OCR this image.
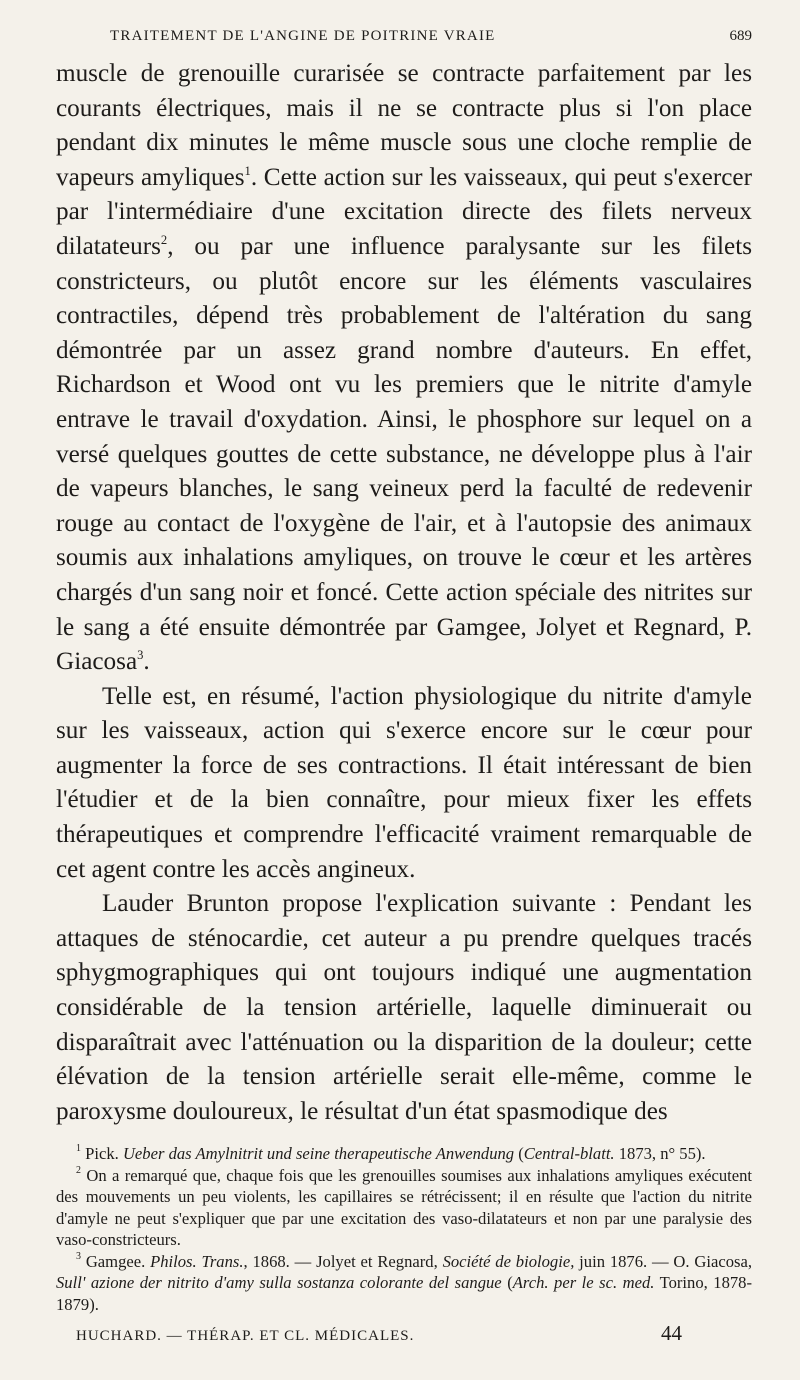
TRAITEMENT DE L'ANGINE DE POITRINE VRAIE	689

muscle de grenouille curarisée se contracte parfaitement par les courants électriques, mais il ne se contracte plus si l'on place pendant dix minutes le même muscle sous une cloche remplie de vapeurs amyliques$^1$. Cette action sur les vaisseaux, qui peut s'exercer par l'intermédiaire d'une excitation directe des filets nerveux dilatateurs$^2$, ou par une influence paralysante sur les filets constricteurs, ou plutôt encore sur les éléments vasculaires contractiles, dépend très probablement de l'altération du sang démontrée par un assez grand nombre d'auteurs. En effet, Richardson et Wood ont vu les premiers que le nitrite d'amyle entrave le travail d'oxydation. Ainsi, le phosphore sur lequel on a versé quelques gouttes de cette substance, ne développe plus à l'air de vapeurs blanches, le sang veineux perd la faculté de redevenir rouge au contact de l'oxygène de l'air, et à l'autopsie des animaux soumis aux inhalations amyliques, on trouve le cœur et les artères chargés d'un sang noir et foncé. Cette action spéciale des nitrites sur le sang a été ensuite démontrée par Gamgee, Jolyet et Regnard, P. Giacosa$^3$.

Telle est, en résumé, l'action physiologique du nitrite d'amyle sur les vaisseaux, action qui s'exerce encore sur le cœur pour augmenter la force de ses contractions. Il était intéressant de bien l'étudier et de la bien connaître, pour mieux fixer les effets thérapeutiques et comprendre l'efficacité vraiment remarquable de cet agent contre les accès angineux.

Lauder Brunton propose l'explication suivante : Pendant les attaques de sténocardie, cet auteur a pu prendre quelques tracés sphygmographiques qui ont toujours indiqué une augmentation considérable de la tension artérielle, laquelle diminuerait ou disparaîtrait avec l'atténuation ou la disparition de la douleur; cette élévation de la tension artérielle serait elle-même, comme le paroxysme douloureux, le résultat d'un état spasmodique des

$^1$ Pick. Ueber das Amylnitrit und seine therapeutische Anwendung (Central-blatt. 1873, n° 55).

$^2$ On a remarqué que, chaque fois que les grenouilles soumises aux inhalations amyliques exécutent des mouvements un peu violents, les capillaires se rétrécissent; il en résulte que l'action du nitrite d'amyle ne peut s'expliquer que par une excitation des vaso-dilatateurs et non par une paralysie des vaso-constricteurs.

$^3$ Gamgee. Philos. Trans., 1868. — Jolyet et Regnard, Société de biologie, juin 1876. — O. Giacosa, Sull' azione der nitrito d'amy sulla sostanza colorante del sangue (Arch. per le sc. med. Torino, 1878-1879).

HUCHARD. — THÉRAP. ET CL. MÉDICALES.	44
